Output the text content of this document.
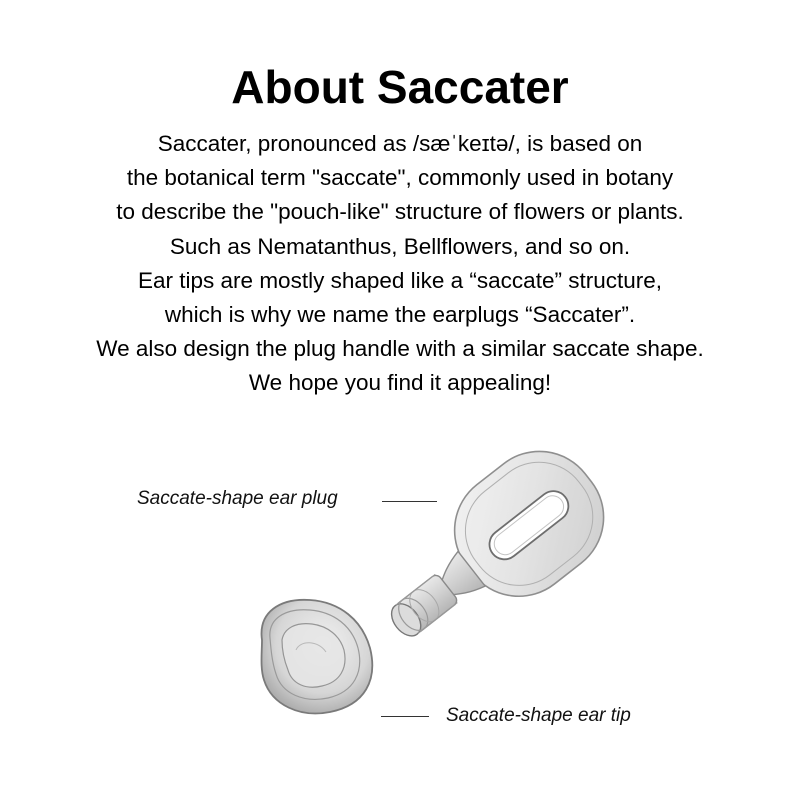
About Saccater
Saccater, pronounced as /sæˈkeɪtə/, is based on
the botanical term "saccate", commonly used in botany
to describe the "pouch-like" structure of flowers or plants.
Such as Nematanthus, Bellflowers, and so on.
Ear tips are mostly shaped like a “saccate” structure,
which is why we name the earplugs “Saccater”.
We also design the plug handle with a similar saccate shape.
We hope you find it appealing!
Saccate-shape ear plug
Saccate-shape ear tip
